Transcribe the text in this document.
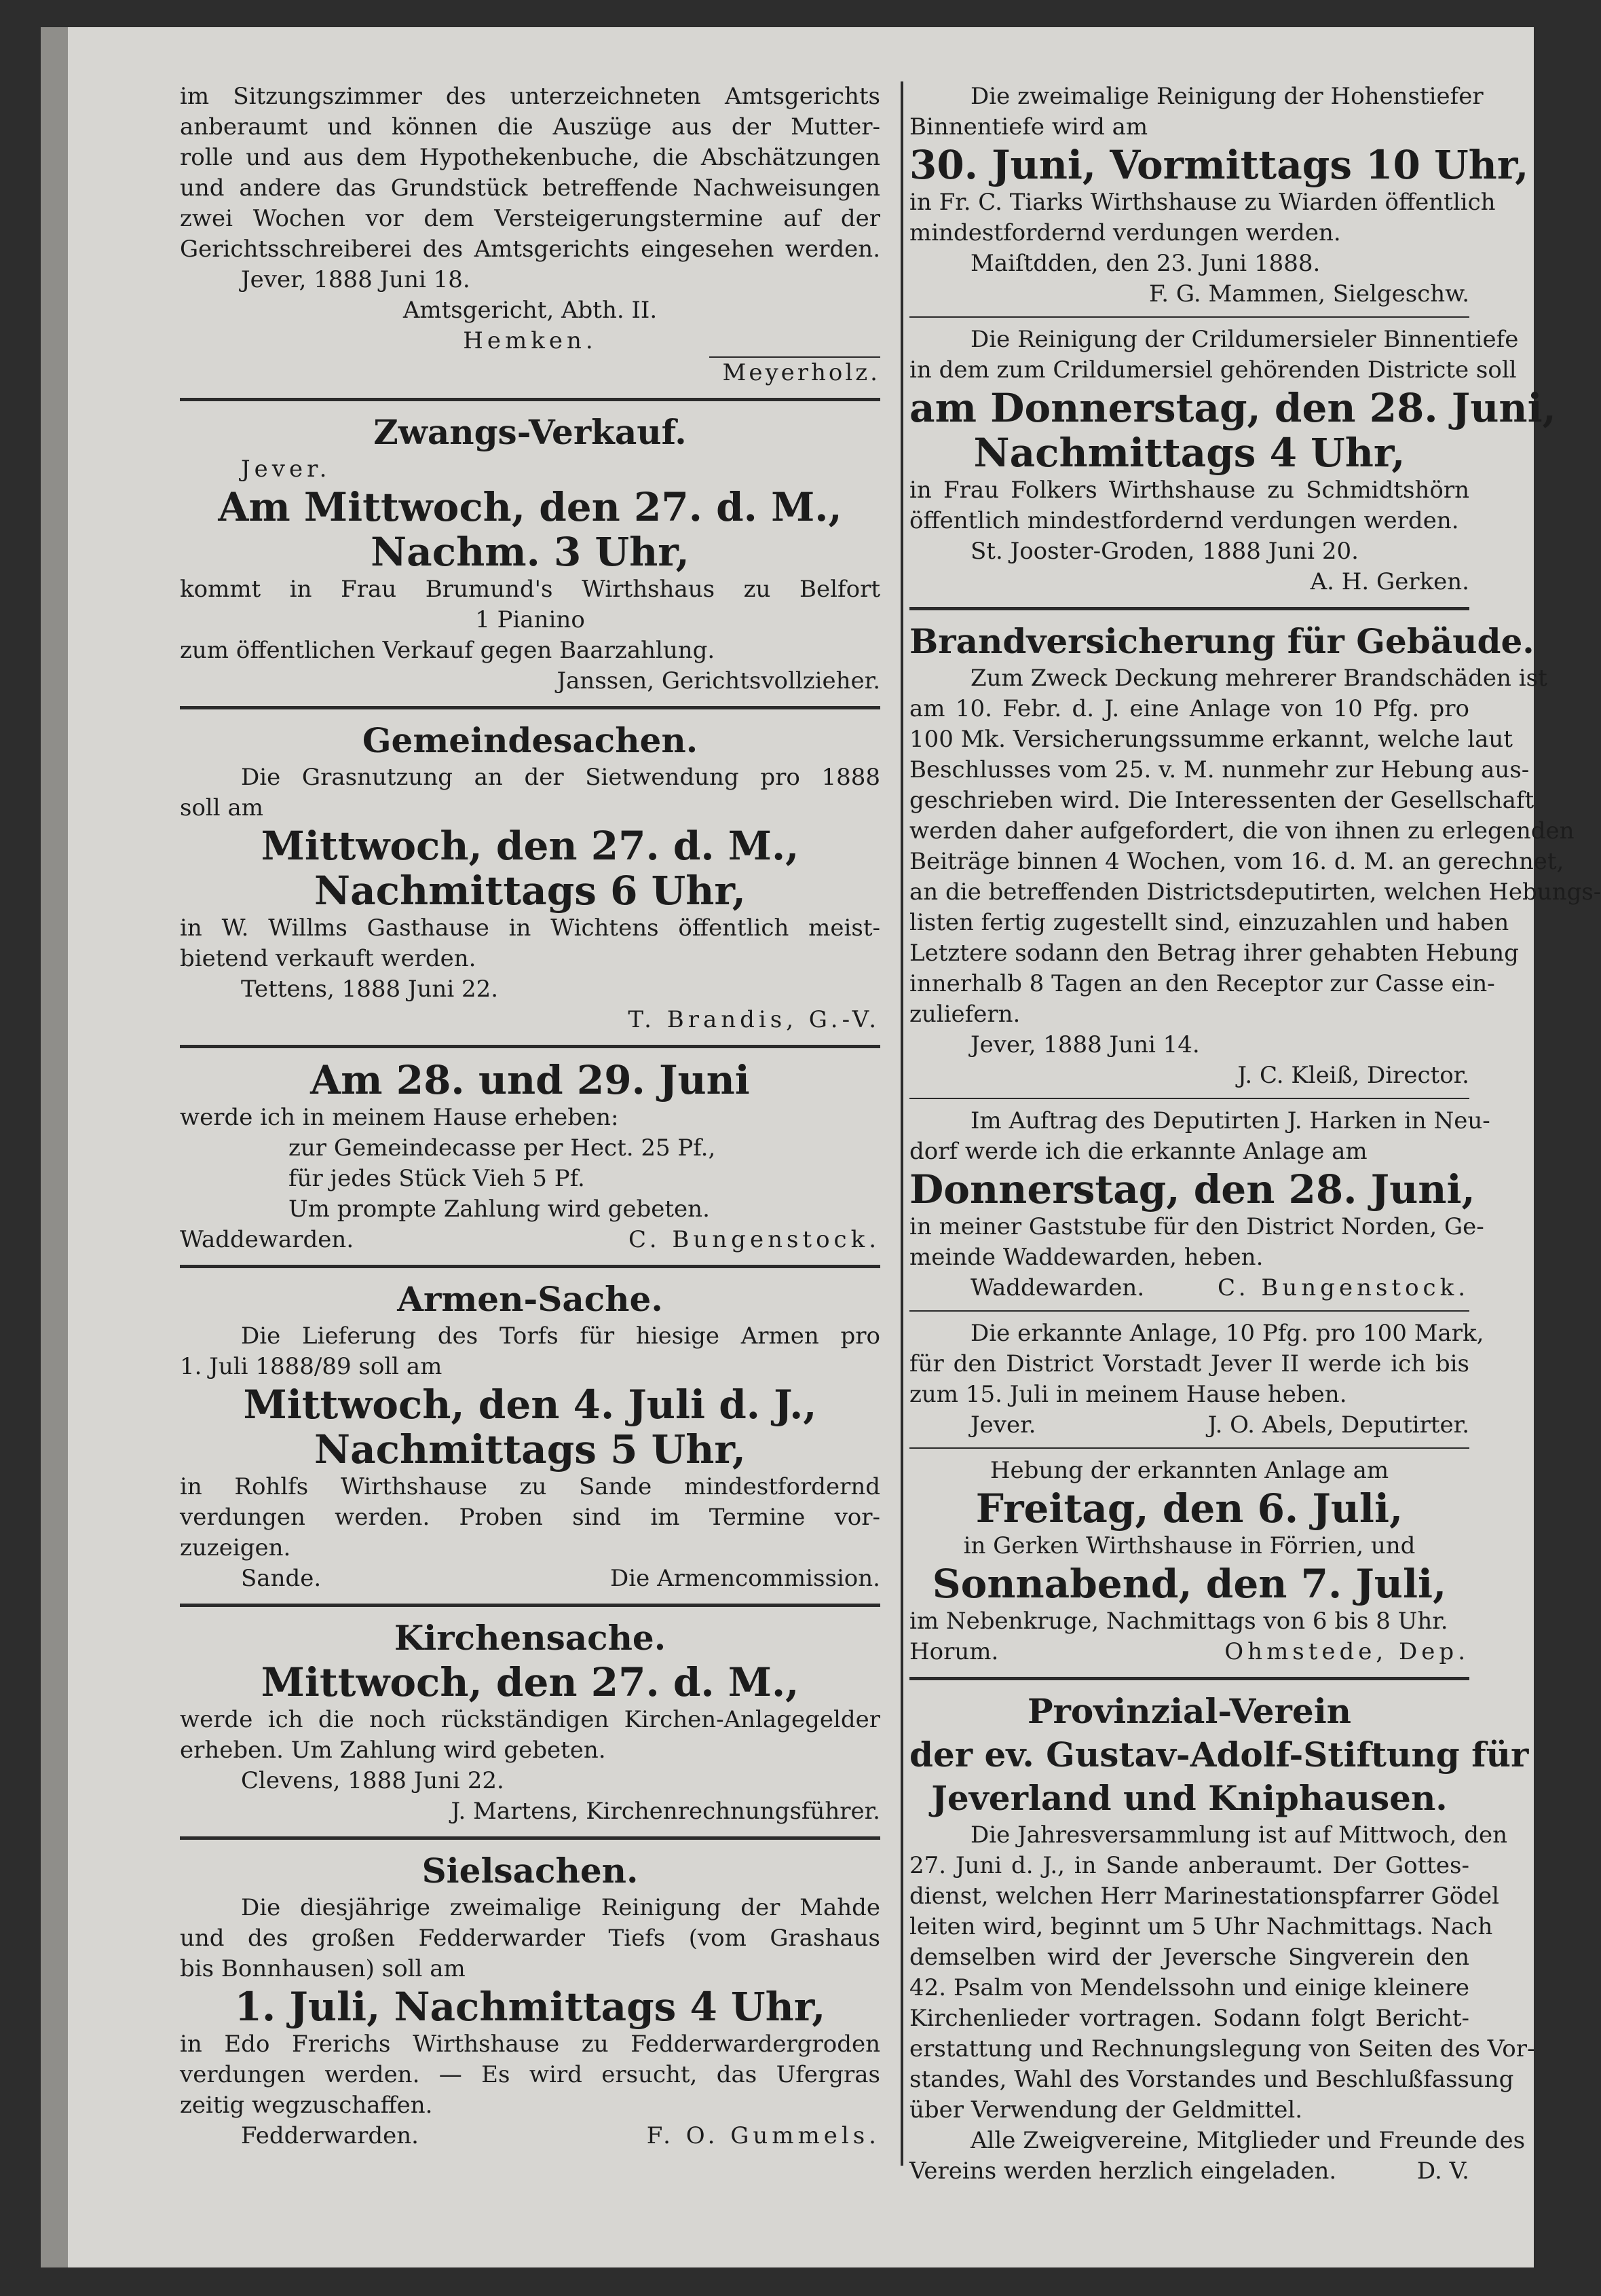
im Sitzungszimmer des unterzeichneten Amtsgerichts

anberaumt und können die Auszüge aus der Mutter-

rolle und aus dem Hypothekenbuche, die Abschätzungen

und andere das Grundstück betreffende Nachweisungen

zwei Wochen vor dem Versteigerungstermine auf der

Gerichtsschreiberei des Amtsgerichts eingesehen werden.

Jever, 1888 Juni 18.

Amtsgericht, Abth. II.

Hemken.

Meyerholz.

Zwangs-Verkauf.

Jever.

Am Mittwoch, den 27. d. M.,

Nachm. 3 Uhr,

kommt in Frau Brumund's Wirthshaus zu Belfort

1 Pianino

zum öffentlichen Verkauf gegen Baarzahlung.

Janssen, Gerichtsvollzieher.

Gemeindesachen.

Die Grasnutzung an der Sietwendung pro 1888

soll am

Mittwoch, den 27. d. M.,

Nachmittags 6 Uhr,

in W. Willms Gasthause in Wichtens öffentlich meist-

bietend verkauft werden.

Tettens, 1888 Juni 22.

T. Brandis, G.-V.

Am 28. und 29. Juni

werde ich in meinem Hause erheben:

zur Gemeindecasse per Hect. 25 Pf.,

für jedes Stück Vieh 5 Pf.

Um prompte Zahlung wird gebeten.

Waddewarden.	C. Bungenstock.

Armen-Sache.

Die Lieferung des Torfs für hiesige Armen pro

1. Juli 1888/89 soll am

Mittwoch, den 4. Juli d. J.,

Nachmittags 5 Uhr,

in Rohlfs Wirthshause zu Sande mindestfordernd

verdungen werden. Proben sind im Termine vor-

zuzeigen.

Sande.	Die Armencommission.

Kirchensache.

Mittwoch, den 27. d. M.,

werde ich die noch rückständigen Kirchen-Anlagegelder

erheben. Um Zahlung wird gebeten.

Clevens, 1888 Juni 22.

J. Martens, Kirchenrechnungsführer.

Sielsachen.

Die diesjährige zweimalige Reinigung der Mahde

und des großen Fedderwarder Tiefs (vom Grashaus

bis Bonnhausen) soll am

1. Juli, Nachmittags 4 Uhr,

in Edo Frerichs Wirthshause zu Fedderwardergroden

verdungen werden. — Es wird ersucht, das Ufergras

zeitig wegzuschaffen.

Fedderwarden.	F. O. Gummels.

Die zweimalige Reinigung der Hohenstiefer

Binnentiefe wird am

30. Juni, Vormittags 10 Uhr,

in Fr. C. Tiarks Wirthshause zu Wiarden öffentlich

mindestfordernd verdungen werden.

Maiſtdden, den 23. Juni 1888.

F. G. Mammen, Sielgeschw.

Die Reinigung der Crildumersieler Binnentiefe

in dem zum Crildumersiel gehörenden Districte soll

am Donnerstag, den 28. Juni,

Nachmittags 4 Uhr,

in Frau Folkers Wirthshause zu Schmidtshörn

öffentlich mindestfordernd verdungen werden.

St. Jooster-Groden, 1888 Juni 20.

A. H. Gerken.

Brandversicherung für Gebäude.

Zum Zweck Deckung mehrerer Brandschäden ist

am 10. Febr. d. J. eine Anlage von 10 Pfg. pro

100 Mk. Versicherungssumme erkannt, welche laut

Beschlusses vom 25. v. M. nunmehr zur Hebung aus-

geschrieben wird. Die Interessenten der Gesellschaft

werden daher aufgefordert, die von ihnen zu erlegenden

Beiträge binnen 4 Wochen, vom 16. d. M. an gerechnet,

an die betreffenden Districtsdeputirten, welchen Hebungs-

listen fertig zugestellt sind, einzuzahlen und haben

Letztere sodann den Betrag ihrer gehabten Hebung

innerhalb 8 Tagen an den Receptor zur Casse ein-

zuliefern.

Jever, 1888 Juni 14.

J. C. Kleiß, Director.

Im Auftrag des Deputirten J. Harken in Neu-

dorf werde ich die erkannte Anlage am

Donnerstag, den 28. Juni,

in meiner Gaststube für den District Norden, Ge-

meinde Waddewarden, heben.

Waddewarden.	C. Bungenstock.

Die erkannte Anlage, 10 Pfg. pro 100 Mark,

für den District Vorstadt Jever II werde ich bis

zum 15. Juli in meinem Hause heben.

Jever.	J. O. Abels, Deputirter.

Hebung der erkannten Anlage am

Freitag, den 6. Juli,

in Gerken Wirthshause in Förrien, und

Sonnabend, den 7. Juli,

im Nebenkruge, Nachmittags von 6 bis 8 Uhr.

Horum.	Ohmstede, Dep.

Provinzial-Verein

der ev. Gustav-Adolf-Stiftung für

Jeverland und Kniphausen.

Die Jahresversammlung ist auf Mittwoch, den

27. Juni d. J., in Sande anberaumt. Der Gottes-

dienst, welchen Herr Marinestationspfarrer Gödel

leiten wird, beginnt um 5 Uhr Nachmittags. Nach

demselben wird der Jeversche Singverein den

42. Psalm von Mendelssohn und einige kleinere

Kirchenlieder vortragen. Sodann folgt Bericht-

erstattung und Rechnungslegung von Seiten des Vor-

standes, Wahl des Vorstandes und Beschlußfassung

über Verwendung der Geldmittel.

Alle Zweigvereine, Mitglieder und Freunde des

Vereins werden herzlich eingeladen.	D. V.
